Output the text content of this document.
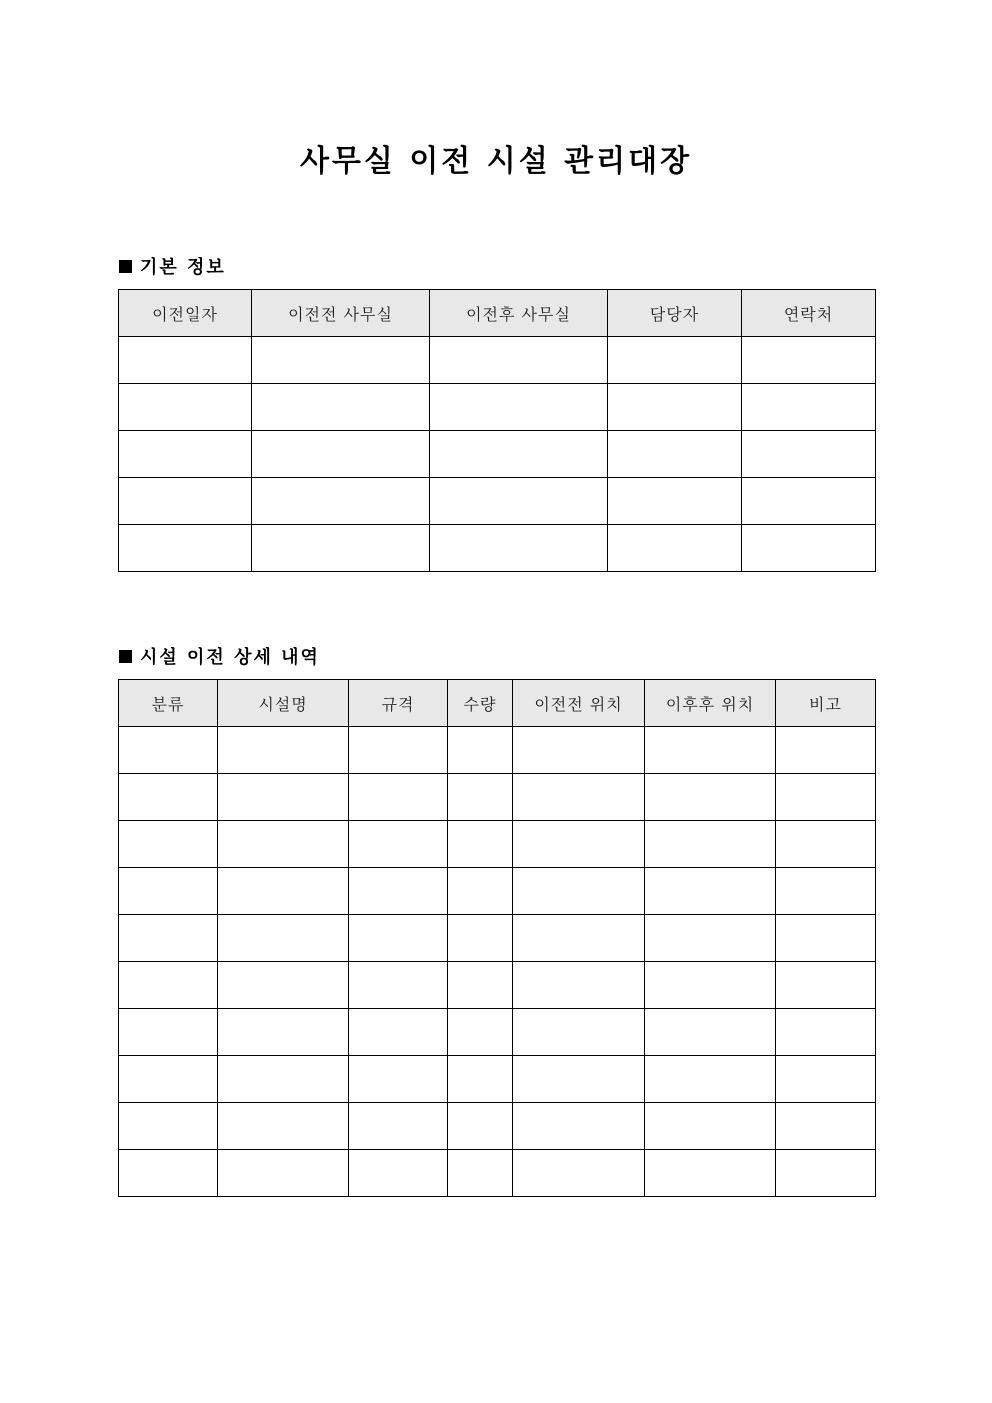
사무실 이전 시설 관리대장
기본 정보
이전일자	이전전 사무실	이전후 사무실	담당자	연락처

시설 이전 상세 내역
분류	시설명	규격	수량	이전전 위치	이후후 위치	비고
